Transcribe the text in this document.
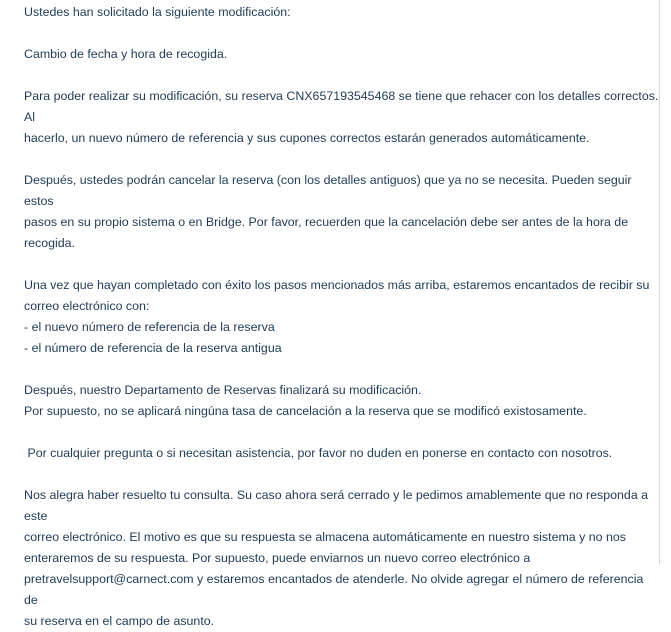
Ustedes han solicitado la siguiente modificación:

Cambio de fecha y hora de recogida.

Para poder realizar su modificación, su reserva CNX657193545468 se tiene que rehacer con los detalles correctos. Al
hacerlo, un nuevo número de referencia y sus cupones correctos estarán generados automáticamente.

Después, ustedes podrán cancelar la reserva (con los detalles antiguos) que ya no se necesita. Pueden seguir estos
pasos en su propio sistema o en Bridge. Por favor, recuerden que la cancelación debe ser antes de la hora de
recogida.

Una vez que hayan completado con éxito los pasos mencionados más arriba, estaremos encantados de recibir su
correo electrónico con:
- el nuevo número de referencia de la reserva
- el número de referencia de la reserva antigua

Después, nuestro Departamento de Reservas finalizará su modificación.
Por supuesto, no se aplicará ningúna tasa de cancelación a la reserva que se modificó existosamente.

Por cualquier pregunta o si necesitan asistencia, por favor no duden en ponerse en contacto con nosotros.

Nos alegra haber resuelto tu consulta. Su caso ahora será cerrado y le pedimos amablemente que no responda a este
correo electrónico. El motivo es que su respuesta se almacena automáticamente en nuestro sistema y no nos
enteraremos de su respuesta. Por supuesto, puede enviarnos un nuevo correo electrónico a
pretravelsupport@carnect.com y estaremos encantados de atenderle. No olvide agregar el número de referencia de
su reserva en el campo de asunto.
